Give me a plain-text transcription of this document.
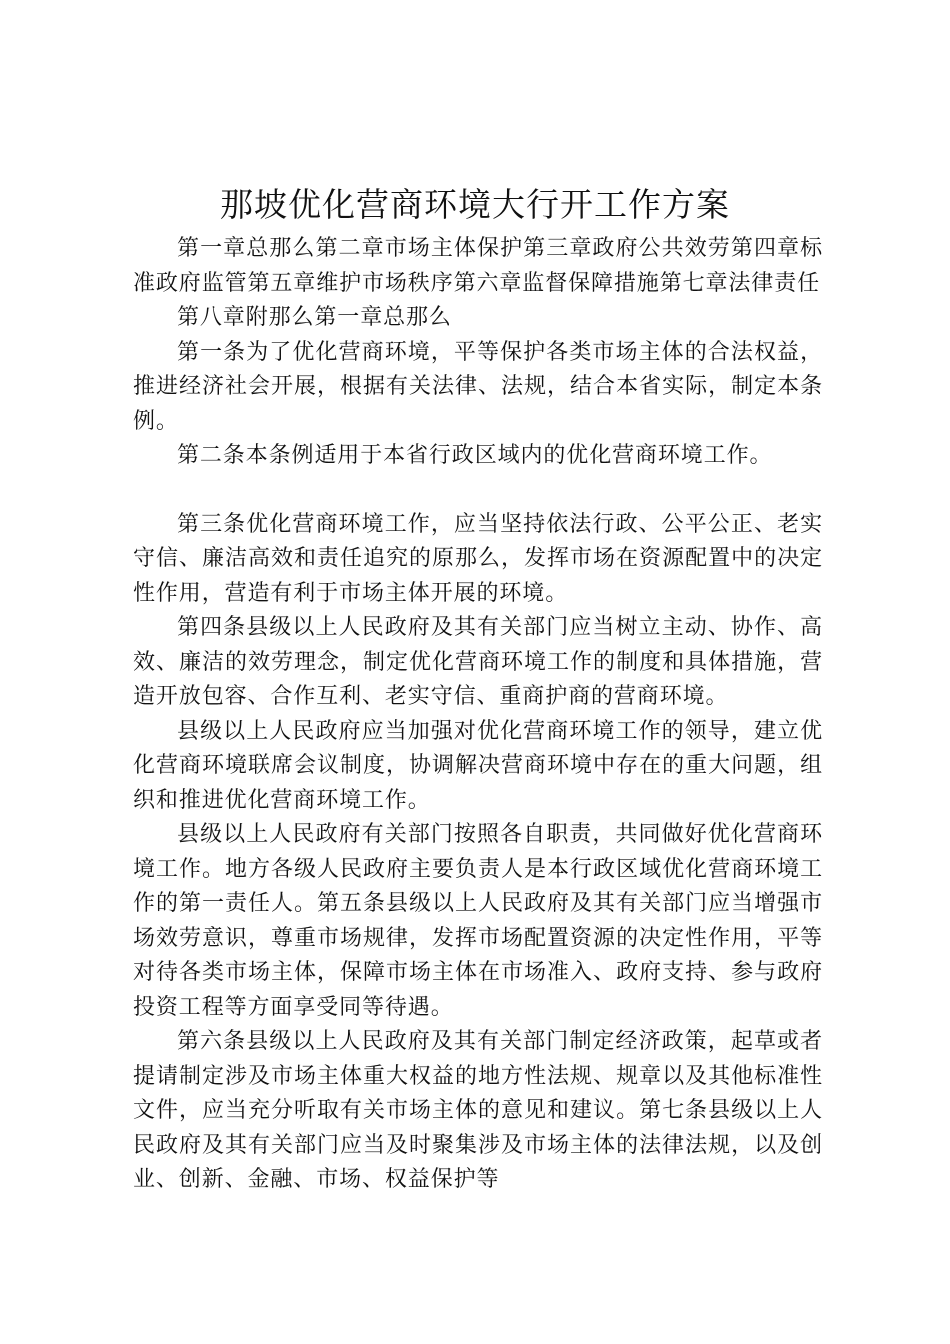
那坡优化营商环境大行开工作方案

第一章总那么第二章市场主体保护第三章政府公共效劳第四章标准政府监管第五章维护市场秩序第六章监督保障措施第七章法律责任

第八章附那么第一章总那么

第一条为了优化营商环境，平等保护各类市场主体的合法权益，推进经济社会开展，根据有关法律、法规，结合本省实际，制定本条例。

第二条本条例适用于本省行政区域内的优化营商环境工作。

第三条优化营商环境工作，应当坚持依法行政、公平公正、老实守信、廉洁高效和责任追究的原那么，发挥市场在资源配置中的决定性作用，营造有利于市场主体开展的环境。

第四条县级以上人民政府及其有关部门应当树立主动、协作、高效、廉洁的效劳理念，制定优化营商环境工作的制度和具体措施，营造开放包容、合作互利、老实守信、重商护商的营商环境。

县级以上人民政府应当加强对优化营商环境工作的领导，建立优化营商环境联席会议制度，协调解决营商环境中存在的重大问题，组织和推进优化营商环境工作。

县级以上人民政府有关部门按照各自职责，共同做好优化营商环境工作。地方各级人民政府主要负责人是本行政区域优化营商环境工作的第一责任人。第五条县级以上人民政府及其有关部门应当增强市场效劳意识，尊重市场规律，发挥市场配置资源的决定性作用，平等对待各类市场主体，保障市场主体在市场准入、政府支持、参与政府投资工程等方面享受同等待遇。

第六条县级以上人民政府及其有关部门制定经济政策，起草或者提请制定涉及市场主体重大权益的地方性法规、规章以及其他标准性文件，应当充分听取有关市场主体的意见和建议。第七条县级以上人民政府及其有关部门应当及时聚集涉及市场主体的法律法规，以及创业、创新、金融、市场、权益保护等
